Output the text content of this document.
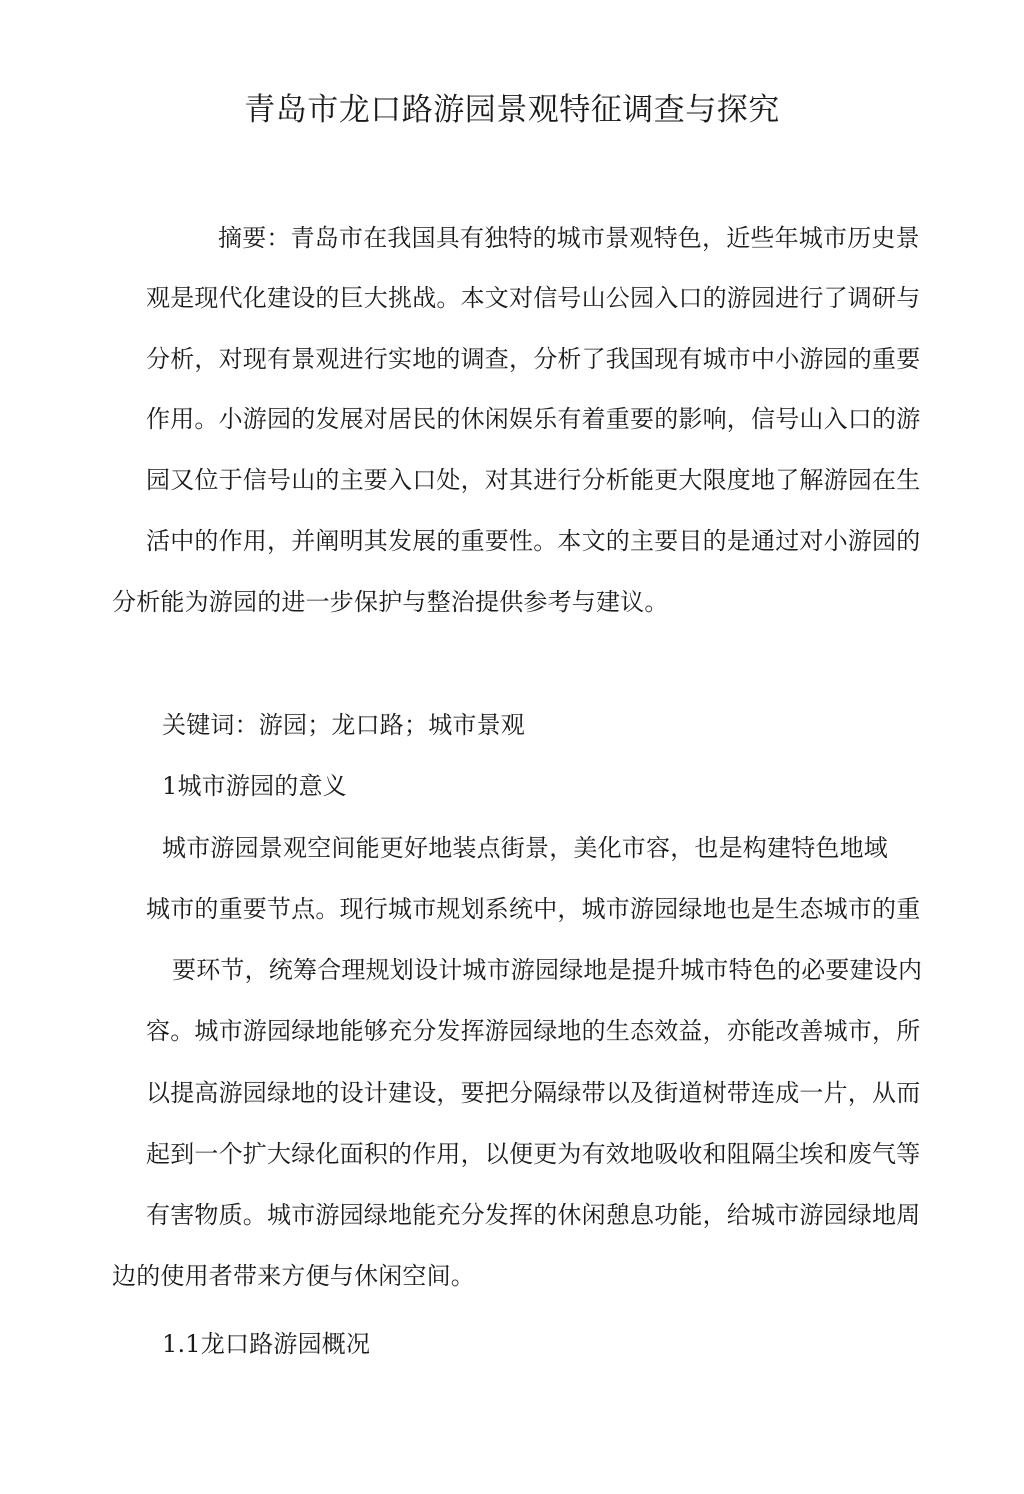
青岛市龙口路游园景观特征调查与探究
摘要：青岛市在我国具有独特的城市景观特色，近些年城市历史景
观是现代化建设的巨大挑战。本文对信号山公园入口的游园进行了调研与
分析，对现有景观进行实地的调查，分析了我国现有城市中小游园的重要
作用。小游园的发展对居民的休闲娱乐有着重要的影响，信号山入口的游
园又位于信号山的主要入口处，对其进行分析能更大限度地了解游园在生
活中的作用，并阐明其发展的重要性。本文的主要目的是通过对小游园的
分析能为游园的进一步保护与整治提供参考与建议。
关键词：游园；龙口路；城市景观
1城市游园的意义
城市游园景观空间能更好地装点街景，美化市容，也是构建特色地域
城市的重要节点。现行城市规划系统中，城市游园绿地也是生态城市的重
要环节，统筹合理规划设计城市游园绿地是提升城市特色的必要建设内
容。城市游园绿地能够充分发挥游园绿地的生态效益，亦能改善城市，所
以提高游园绿地的设计建设，要把分隔绿带以及街道树带连成一片，从而
起到一个扩大绿化面积的作用，以便更为有效地吸收和阻隔尘埃和废气等
有害物质。城市游园绿地能充分发挥的休闲憩息功能，给城市游园绿地周
边的使用者带来方便与休闲空间。
1.1龙口路游园概况
